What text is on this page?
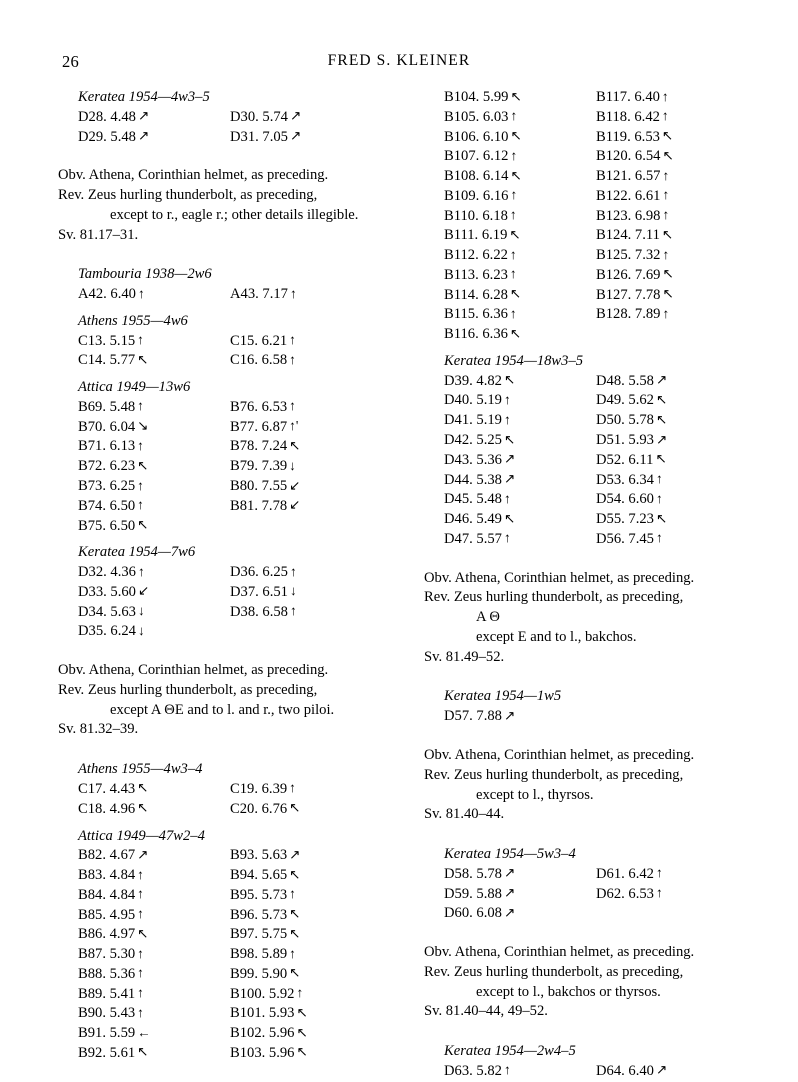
26	FRED S. KLEINER
Keratea 1954—4w3–5
D28. 4.48 ↗	D30. 5.74 ↗
D29. 5.48 ↗	D31. 7.05 ↗
Obv. Athena, Corinthian helmet, as preceding.
Rev. Zeus hurling thunderbolt, as preceding,
except to r., eagle r.; other details illegible.
Sv. 81.17–31.
Tambouria 1938—2w6
A42. 6.40 ↑	A43. 7.17 ↑
Athens 1955—4w6
C13. 5.15 ↑	C15. 6.21 ↑
C14. 5.77 ↖	C16. 6.58 ↑
Attica 1949—13w6
B69. 5.48 ↑	B76. 6.53 ↑
B70. 6.04 ↘	B77. 6.87 ↑'
B71. 6.13 ↑	B78. 7.24 ↖
B72. 6.23 ↖	B79. 7.39 ↓
B73. 6.25 ↑	B80. 7.55 ↙
B74. 6.50 ↑	B81. 7.78 ↙
B75. 6.50 ↖

Keratea 1954—7w6
D32. 4.36 ↑	D36. 6.25 ↑
D33. 5.60 ↙	D37. 6.51 ↓
D34. 5.63 ↓	D38. 6.58 ↑
D35. 6.24 ↓

Obv. Athena, Corinthian helmet, as preceding.
Rev. Zeus hurling thunderbolt, as preceding,
except A ΘE and to l. and r., two piloi.
Sv. 81.32–39.
Athens 1955—4w3–4
C17. 4.43 ↖	C19. 6.39 ↑
C18. 4.96 ↖	C20. 6.76 ↖
Attica 1949—47w2–4
B82. 4.67 ↗	B93. 5.63 ↗
B83. 4.84 ↑	B94. 5.65 ↖
B84. 4.84 ↑	B95. 5.73 ↑
B85. 4.95 ↑	B96. 5.73 ↖
B86. 4.97 ↖	B97. 5.75 ↖
B87. 5.30 ↑	B98. 5.89 ↑
B88. 5.36 ↑	B99. 5.90 ↖
B89. 5.41 ↑	B100. 5.92 ↑
B90. 5.43 ↑	B101. 5.93 ↖
B91. 5.59 ←	B102. 5.96 ↖
B92. 5.61 ↖	B103. 5.96 ↖
B104. 5.99 ↖	B117. 6.40 ↑
B105. 6.03 ↑	B118. 6.42 ↑
B106. 6.10 ↖	B119. 6.53 ↖
B107. 6.12 ↑	B120. 6.54 ↖
B108. 6.14 ↖	B121. 6.57 ↑
B109. 6.16 ↑	B122. 6.61 ↑
B110. 6.18 ↑	B123. 6.98 ↑
B111. 6.19 ↖	B124. 7.11 ↖
B112. 6.22 ↑	B125. 7.32 ↑
B113. 6.23 ↑	B126. 7.69 ↖
B114. 6.28 ↖	B127. 7.78 ↖
B115. 6.36 ↑	B128. 7.89 ↑
B116. 6.36 ↖

Keratea 1954—18w3–5
D39. 4.82 ↖	D48. 5.58 ↗
D40. 5.19 ↑	D49. 5.62 ↖
D41. 5.19 ↑	D50. 5.78 ↖
D42. 5.25 ↖	D51. 5.93 ↗
D43. 5.36 ↗	D52. 6.11 ↖
D44. 5.38 ↗	D53. 6.34 ↑
D45. 5.48 ↑	D54. 6.60 ↑
D46. 5.49 ↖	D55. 7.23 ↖
D47. 5.57 ↑	D56. 7.45 ↑
Obv. Athena, Corinthian helmet, as preceding.
Rev. Zeus hurling thunderbolt, as preceding,
A Θ
except E and to l., bakchos.
Sv. 81.49–52.
Keratea 1954—1w5
D57. 7.88 ↗

Obv. Athena, Corinthian helmet, as preceding.
Rev. Zeus hurling thunderbolt, as preceding,
except to l., thyrsos.
Sv. 81.40–44.
Keratea 1954—5w3–4
D58. 5.78 ↗	D61. 6.42 ↑
D59. 5.88 ↗	D62. 6.53 ↑
D60. 6.08 ↗

Obv. Athena, Corinthian helmet, as preceding.
Rev. Zeus hurling thunderbolt, as preceding,
except to l., bakchos or thyrsos.
Sv. 81.40–44, 49–52.
Keratea 1954—2w4–5
D63. 5.82 ↑	D64. 6.40 ↗
